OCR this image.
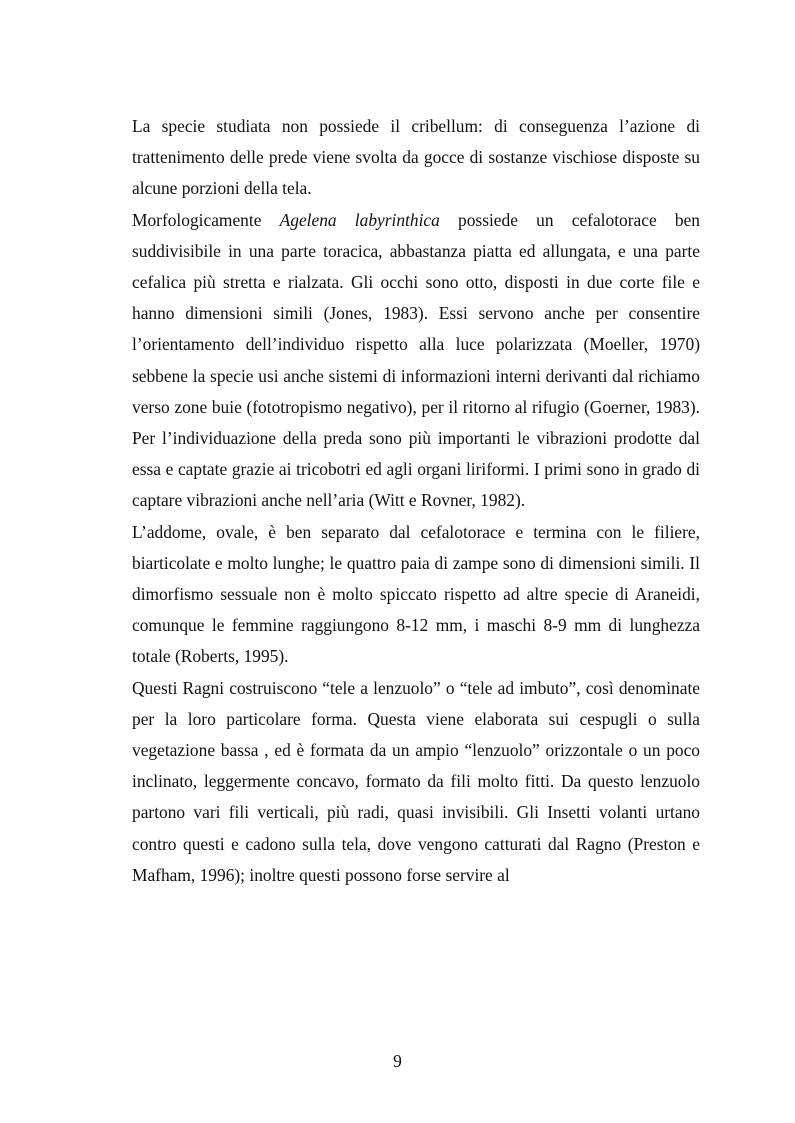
La specie studiata non possiede il cribellum: di conseguenza l’azione di trattenimento delle prede viene svolta da gocce di sostanze vischiose disposte su alcune porzioni della tela.

Morfologicamente Agelena labyrinthica possiede un cefalotorace ben suddivisibile in una parte toracica, abbastanza piatta ed allungata, e una parte cefalica più stretta e rialzata. Gli occhi sono otto, disposti in due corte file e hanno dimensioni simili (Jones, 1983). Essi servono anche per consentire l’orientamento dell’individuo rispetto alla luce polarizzata (Moeller, 1970) sebbene la specie usi anche sistemi di informazioni interni derivanti dal richiamo verso zone buie (fototropismo negativo), per il ritorno al rifugio (Goerner, 1983). Per l’individuazione della preda sono più importanti le vibrazioni prodotte dal essa e captate grazie ai tricobotri ed agli organi liriformi. I primi sono in grado di captare vibrazioni anche nell’aria (Witt e Rovner, 1982).

L’addome, ovale, è ben separato dal cefalotorace e termina con le filiere, biarticolate e molto lunghe; le quattro paia di zampe sono di dimensioni simili. Il dimorfismo sessuale non è molto spiccato rispetto ad altre specie di Araneidi, comunque le femmine raggiungono 8-12 mm, i maschi 8-9 mm di lunghezza totale (Roberts, 1995).

Questi Ragni costruiscono “tele a lenzuolo” o “tele ad imbuto”, così denominate per la loro particolare forma. Questa viene elaborata sui cespugli o sulla vegetazione bassa , ed è formata da un ampio “lenzuolo” orizzontale o un poco inclinato, leggermente concavo, formato da fili molto fitti. Da questo lenzuolo partono vari fili verticali, più radi, quasi invisibili. Gli Insetti volanti urtano contro questi e cadono sulla tela, dove vengono catturati dal Ragno (Preston e Mafham, 1996); inoltre questi possono forse servire al

9
